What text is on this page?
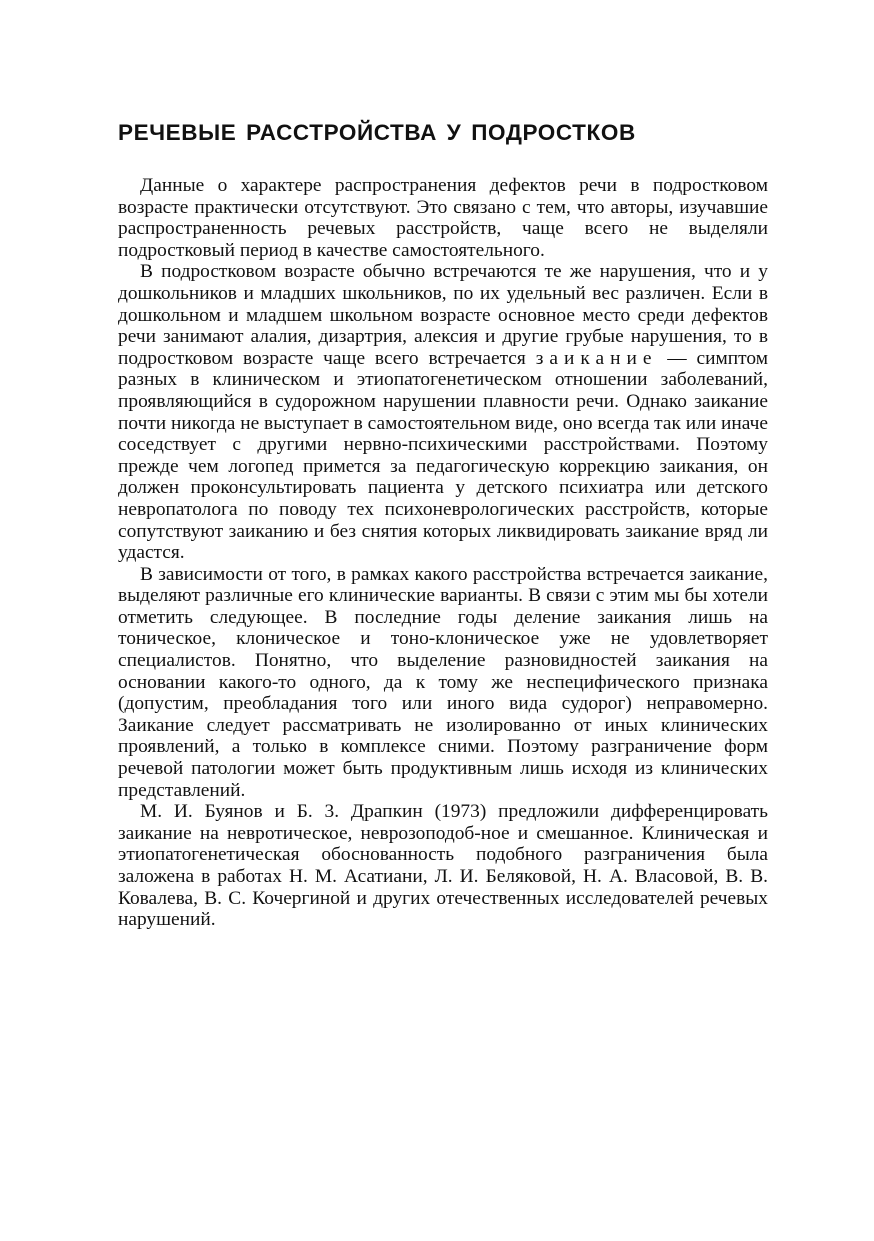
РЕЧЕВЫЕ РАССТРОЙСТВА У ПОДРОСТКОВ

Данные о характере распространения дефектов речи в подростковом возрасте практически отсутствуют. Это связано с тем, что авторы, изучавшие распространенность речевых расстройств, чаще всего не выделяли подростковый период в качестве самостоятельного.

В подростковом возрасте обычно встречаются те же нарушения, что и у дошкольников и младших школьников, по их удельный вес различен. Если в дошкольном и младшем школьном возрасте основное место среди дефектов речи занимают алалия, дизартрия, алексия и другие грубые нарушения, то в подростковом возрасте чаще всего встречается заикание — симптом разных в клиническом и этиопатогенетическом отношении заболеваний, проявляющийся в судорожном нарушении плавности речи. Однако заикание почти никогда не выступает в самостоятельном виде, оно всегда так или иначе соседствует с другими нервно-психическими расстройствами. Поэтому прежде чем логопед примется за педагогическую коррекцию заикания, он должен проконсультировать пациента у детского психиатра или детского невропатолога по поводу тех психоневрологических расстройств, которые сопутствуют заиканию и без снятия которых ликвидировать заикание вряд ли удастся.

В зависимости от того, в рамках какого расстройства встречается заикание, выделяют различные его клинические варианты. В связи с этим мы бы хотели отметить следующее. В последние годы деление заикания лишь на тоническое, клоническое и тоно-клоническое уже не удовлетворяет специалистов. Понятно, что выделение разновидностей заикания на основании какого-то одного, да к тому же неспецифического признака (допустим, преобладания того или иного вида судорог) неправомерно. Заикание следует рассматривать не изолированно от иных клинических проявлений, а только в комплексе сними. Поэтому разграничение форм речевой патологии может быть продуктивным лишь исходя из клинических представлений.

М. И. Буянов и Б. 3. Драпкин (1973) предложили дифференцировать заикание на невротическое, неврозоподоб-ное и смешанное. Клиническая и этиопатогенетическая обоснованность подобного разграничения была заложена в работах Н. М. Асатиани, Л. И. Беляковой, Н. А. Власовой, В. В. Ковалева, В. С. Кочергиной и других отечественных исследователей речевых нарушений.
